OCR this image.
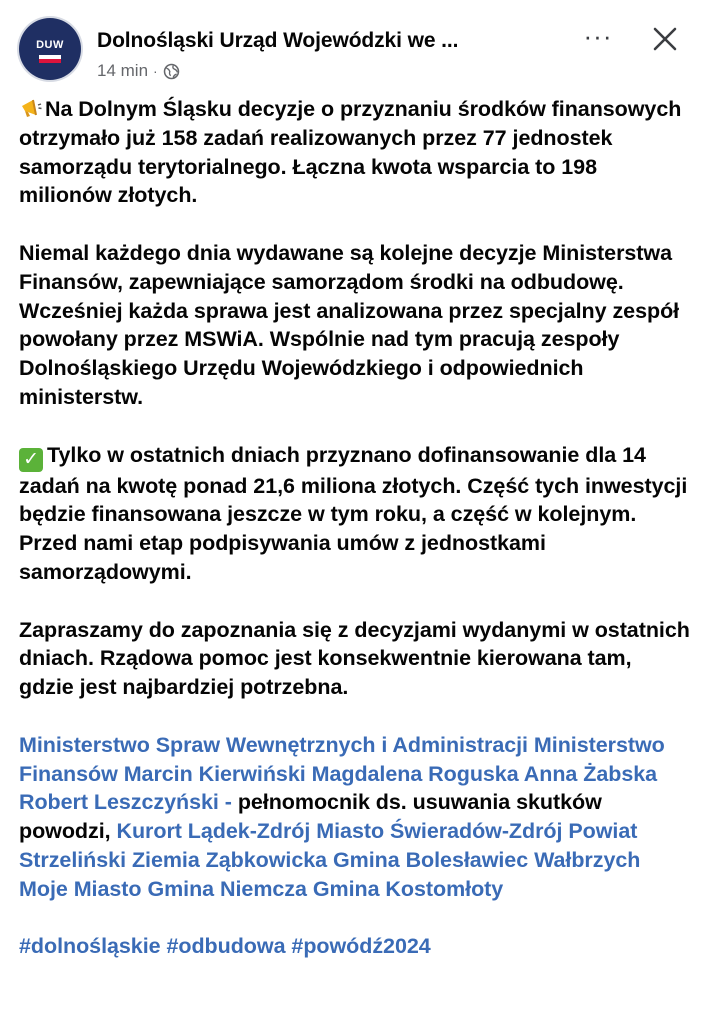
DUW	Dolnośląski Urząd Wojewódzki we ...
14 min ·
···

Na Dolnym Śląsku decyzje o przyznaniu środków finansowych otrzymało już 158 zadań realizowanych przez 77 jednostek samorządu terytorialnego. Łączna kwota wsparcia to 198 milionów złotych.

Niemal każdego dnia wydawane są kolejne decyzje Ministerstwa Finansów, zapewniające samorządom środki na odbudowę. Wcześniej każda sprawa jest analizowana przez specjalny zespół powołany przez MSWiA. Wspólnie nad tym pracują zespoły Dolnośląskiego Urzędu Wojewódzkiego i odpowiednich ministerstw.

✓ Tylko w ostatnich dniach przyznano dofinansowanie dla 14 zadań na kwotę ponad 21,6 miliona złotych. Część tych inwestycji będzie finansowana jeszcze w tym roku, a część w kolejnym. Przed nami etap podpisywania umów z jednostkami samorządowymi.

Zapraszamy do zapoznania się z decyzjami wydanymi w ostatnich dniach. Rządowa pomoc jest konsekwentnie kierowana tam, gdzie jest najbardziej potrzebna.

Ministerstwo Spraw Wewnętrznych i Administracji Ministerstwo Finansów Marcin Kierwiński Magdalena Roguska Anna Żabska Robert Leszczyński - pełnomocnik ds. usuwania skutków powodzi, Kurort Lądek-Zdrój Miasto Świeradów-Zdrój Powiat Strzeliński Ziemia Ząbkowicka Gmina Bolesławiec Wałbrzych Moje Miasto Gmina Niemcza Gmina Kostomłoty

#dolnośląskie #odbudowa #powódź2024
